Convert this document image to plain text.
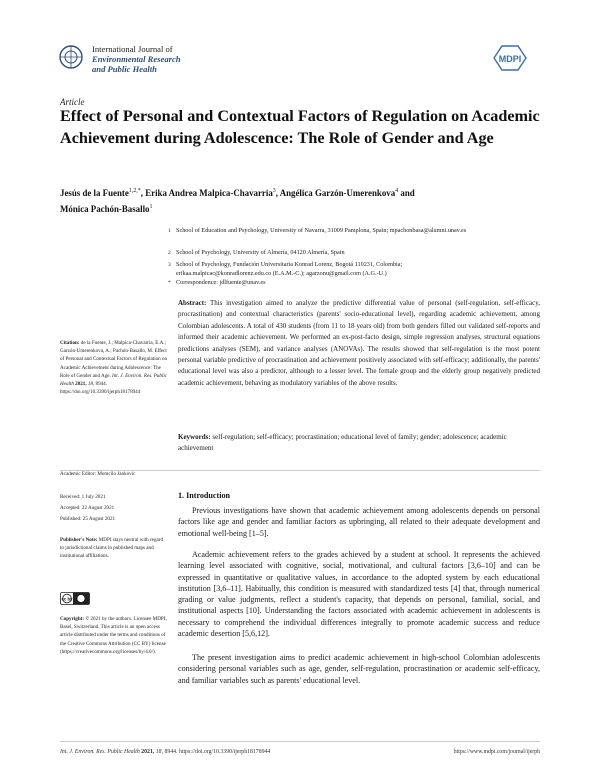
International Journal of
Environmental Research
and Public Health
MDPI
Article
Effect of Personal and Contextual Factors of Regulation on Academic Achievement during Adolescence: The Role of Gender and Age
Jesús de la Fuente$^{1,2,*}$, Erika Andrea Malpica-Chavarria$^3$, Angélica Garzón-Umerenkova$^4$ and
Mónica Pachón-Basallo$^1$
1 School of Education and Psychology, University of Navarra, 31009 Pamplona, Spain; mpachonbasa@alumni.unav.es
2 School of Psychology, University of Almería, 04120 Almería, Spain
3 School of Psychology, Fundación Universitaria Konrad Lorenz, Bogotá 110231, Colombia; erikaa.malpicac@konradlorenz.edu.co (E.A.M.-C.); agarzonu@gmail.com (A.G.-U.)
* Correspondence: jdlfuente@unav.es
Abstract: This investigation aimed to analyze the predictive differential value of personal (self-regulation, self-efficacy, procrastination) and contextual characteristics (parents' socio-educational level), regarding academic achievement, among Colombian adolescents. A total of 430 students (from 11 to 18 years old) from both genders filled out validated self-reports and informed their academic achievement. We performed an ex-post-facto design, simple regression analyses, structural equations predictions analyses (SEM), and variance analyses (ANOVAs). The results showed that self-regulation is the most potent personal variable predictive of procrastination and achievement positively associated with self-efficacy; additionally, the parents' educational level was also a predictor, although to a lesser level. The female group and the elderly group negatively predicted academic achievement, behaving as modulatory variables of the above results.
Keywords: self-regulation; self-efficacy; procrastination; educational level of family; gender; adolescence; academic achievement
Citation: de la Fuente, J.; Malpica-Chavarria, E.A.; Garzón-Umerenkova, A.; Pachón-Basallo, M. Effect of Personal and Contextual Factors of Regulation on Academic Achievement during Adolescence: The Role of Gender and Age. Int. J. Environ. Res. Public Health 2021, 18, 8944. https://doi.org/10.3390/ijerph18178944
Academic Editor: Momcilo Jankovic
Received: 1 July 2021
Accepted: 22 August 2021
Published: 25 August 2021
Publisher's Note: MDPI stays neutral with regard to jurisdictional claims in published maps and institutional affiliations.
cc by
Copyright: © 2021 by the authors. Licensee MDPI, Basel, Switzerland. This article is an open access article distributed under the terms and conditions of the Creative Commons Attribution (CC BY) license (https://creativecommons.org/licenses/by/4.0/).
1. Introduction
Previous investigations have shown that academic achievement among adolescents depends on personal factors like age and gender and familiar factors as upbringing, all related to their adequate development and emotional well-being [1–5].
Academic achievement refers to the grades achieved by a student at school. It represents the achieved learning level associated with cognitive, social, motivational, and cultural factors [3,6–10] and can be expressed in quantitative or qualitative values, in accordance to the adopted system by each educational institution [3,6–11]. Habitually, this condition is measured with standardized tests [4] that, through numerical grading or value judgments, reflect a student's capacity, that depends on personal, familial, social, and institutional aspects [10]. Understanding the factors associated with academic achievement in adolescents is necessary to comprehend the individual differences integrally to promote academic success and reduce academic desertion [5,6,12].
The present investigation aims to predict academic achievement in high-school Colombian adolescents considering personal variables such as age, gender, self-regulation, procrastination or academic self-efficacy, and familiar variables such as parents' educational level.
Int. J. Environ. Res. Public Health 2021, 18, 8944. https://doi.org/10.3390/ijerph18178944	https://www.mdpi.com/journal/ijerph
